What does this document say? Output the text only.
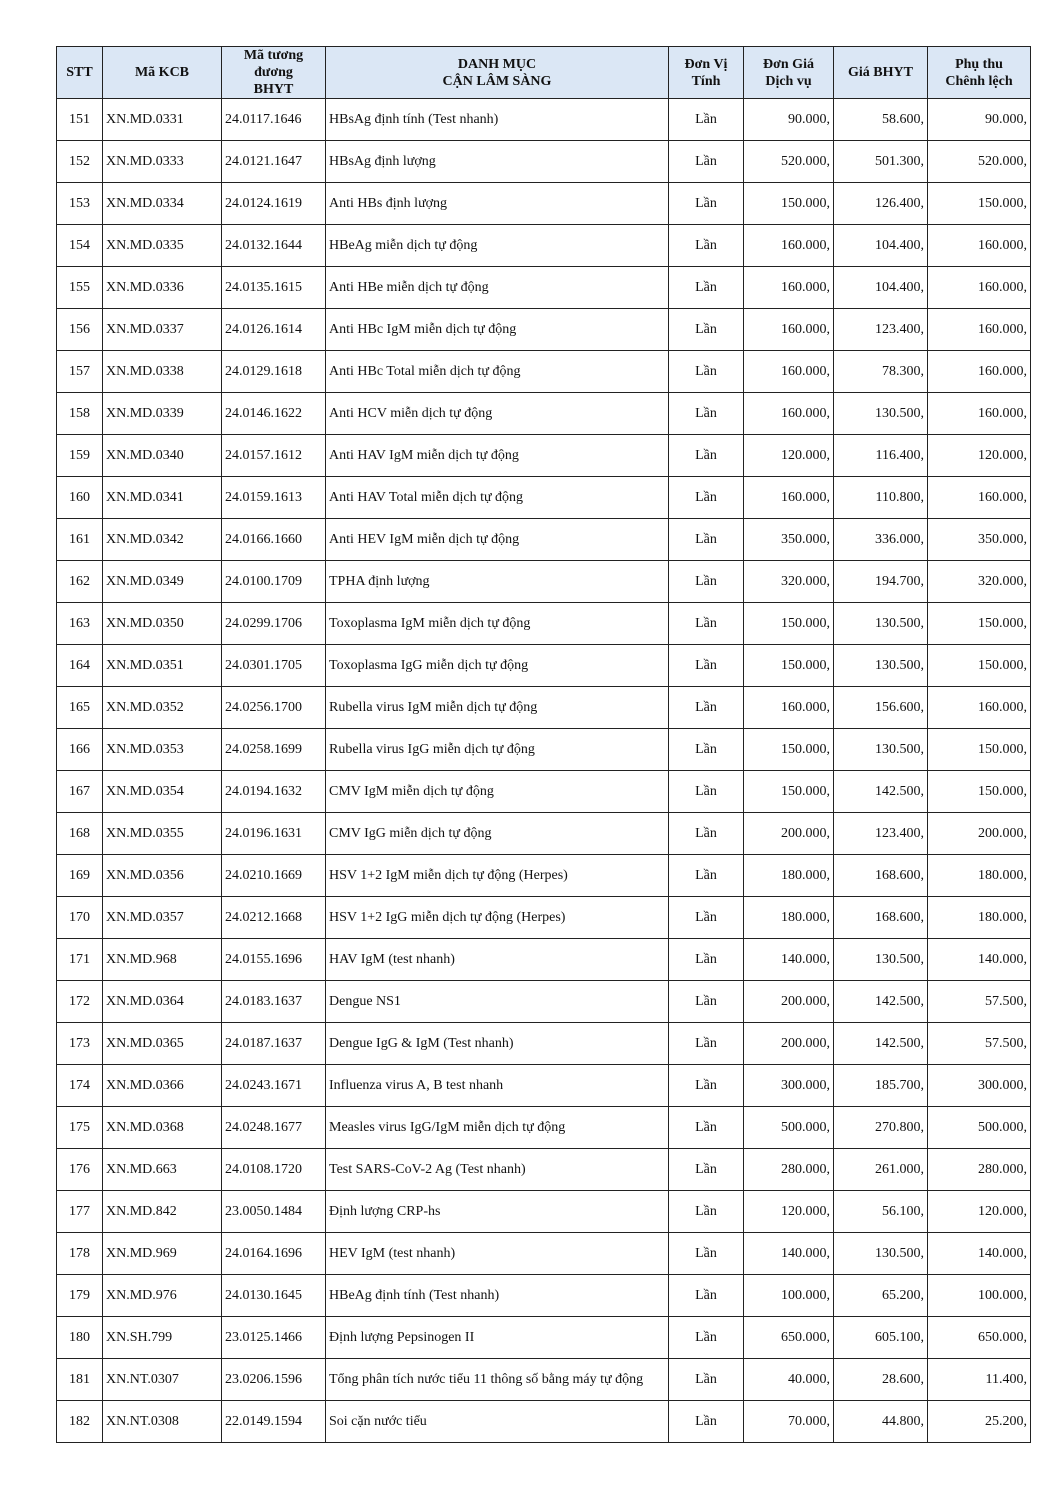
STT	Mã KCB	Mã tương
đương
BHYT	DANH MỤC
CẬN LÂM SÀNG	Đơn Vị
Tính	Đơn Giá
Dịch vụ	Giá BHYT	Phụ thu
Chênh lệch

151	XN.MD.0331	24.0117.1646	HBsAg định tính (Test nhanh)	Lần	90.000,	58.600,	90.000,
152	XN.MD.0333	24.0121.1647	HBsAg định lượng	Lần	520.000,	501.300,	520.000,
153	XN.MD.0334	24.0124.1619	Anti HBs định lượng	Lần	150.000,	126.400,	150.000,
154	XN.MD.0335	24.0132.1644	HBeAg miễn dịch tự động	Lần	160.000,	104.400,	160.000,
155	XN.MD.0336	24.0135.1615	Anti HBe miễn dịch tự động	Lần	160.000,	104.400,	160.000,
156	XN.MD.0337	24.0126.1614	Anti HBc IgM miễn dịch tự động	Lần	160.000,	123.400,	160.000,
157	XN.MD.0338	24.0129.1618	Anti HBc Total miễn dịch tự động	Lần	160.000,	78.300,	160.000,
158	XN.MD.0339	24.0146.1622	Anti HCV miễn dịch tự động	Lần	160.000,	130.500,	160.000,
159	XN.MD.0340	24.0157.1612	Anti HAV IgM miễn dịch tự động	Lần	120.000,	116.400,	120.000,
160	XN.MD.0341	24.0159.1613	Anti HAV Total miễn dịch tự động	Lần	160.000,	110.800,	160.000,
161	XN.MD.0342	24.0166.1660	Anti HEV IgM miễn dịch tự động	Lần	350.000,	336.000,	350.000,
162	XN.MD.0349	24.0100.1709	TPHA định lượng	Lần	320.000,	194.700,	320.000,
163	XN.MD.0350	24.0299.1706	Toxoplasma IgM miễn dịch tự động	Lần	150.000,	130.500,	150.000,
164	XN.MD.0351	24.0301.1705	Toxoplasma IgG miễn dịch tự động	Lần	150.000,	130.500,	150.000,
165	XN.MD.0352	24.0256.1700	Rubella virus IgM miễn dịch tự động	Lần	160.000,	156.600,	160.000,
166	XN.MD.0353	24.0258.1699	Rubella virus IgG miễn dịch tự động	Lần	150.000,	130.500,	150.000,
167	XN.MD.0354	24.0194.1632	CMV IgM miễn dịch tự động	Lần	150.000,	142.500,	150.000,
168	XN.MD.0355	24.0196.1631	CMV IgG miễn dịch tự động	Lần	200.000,	123.400,	200.000,
169	XN.MD.0356	24.0210.1669	HSV 1+2 IgM miễn dịch tự động (Herpes)	Lần	180.000,	168.600,	180.000,
170	XN.MD.0357	24.0212.1668	HSV 1+2 IgG miễn dịch tự động (Herpes)	Lần	180.000,	168.600,	180.000,
171	XN.MD.968	24.0155.1696	HAV IgM (test nhanh)	Lần	140.000,	130.500,	140.000,
172	XN.MD.0364	24.0183.1637	Dengue NS1	Lần	200.000,	142.500,	57.500,
173	XN.MD.0365	24.0187.1637	Dengue IgG & IgM (Test nhanh)	Lần	200.000,	142.500,	57.500,
174	XN.MD.0366	24.0243.1671	Influenza virus A, B test nhanh	Lần	300.000,	185.700,	300.000,
175	XN.MD.0368	24.0248.1677	Measles virus IgG/IgM miễn dịch tự động	Lần	500.000,	270.800,	500.000,
176	XN.MD.663	24.0108.1720	Test SARS-CoV-2 Ag (Test nhanh)	Lần	280.000,	261.000,	280.000,
177	XN.MD.842	23.0050.1484	Định lượng CRP-hs	Lần	120.000,	56.100,	120.000,
178	XN.MD.969	24.0164.1696	HEV IgM (test nhanh)	Lần	140.000,	130.500,	140.000,
179	XN.MD.976	24.0130.1645	HBeAg định tính (Test nhanh)	Lần	100.000,	65.200,	100.000,
180	XN.SH.799	23.0125.1466	Định lượng Pepsinogen II	Lần	650.000,	605.100,	650.000,
181	XN.NT.0307	23.0206.1596	Tổng phân tích nước tiểu 11 thông số bằng máy tự động	Lần	40.000,	28.600,	11.400,
182	XN.NT.0308	22.0149.1594	Soi cặn nước tiểu	Lần	70.000,	44.800,	25.200,
